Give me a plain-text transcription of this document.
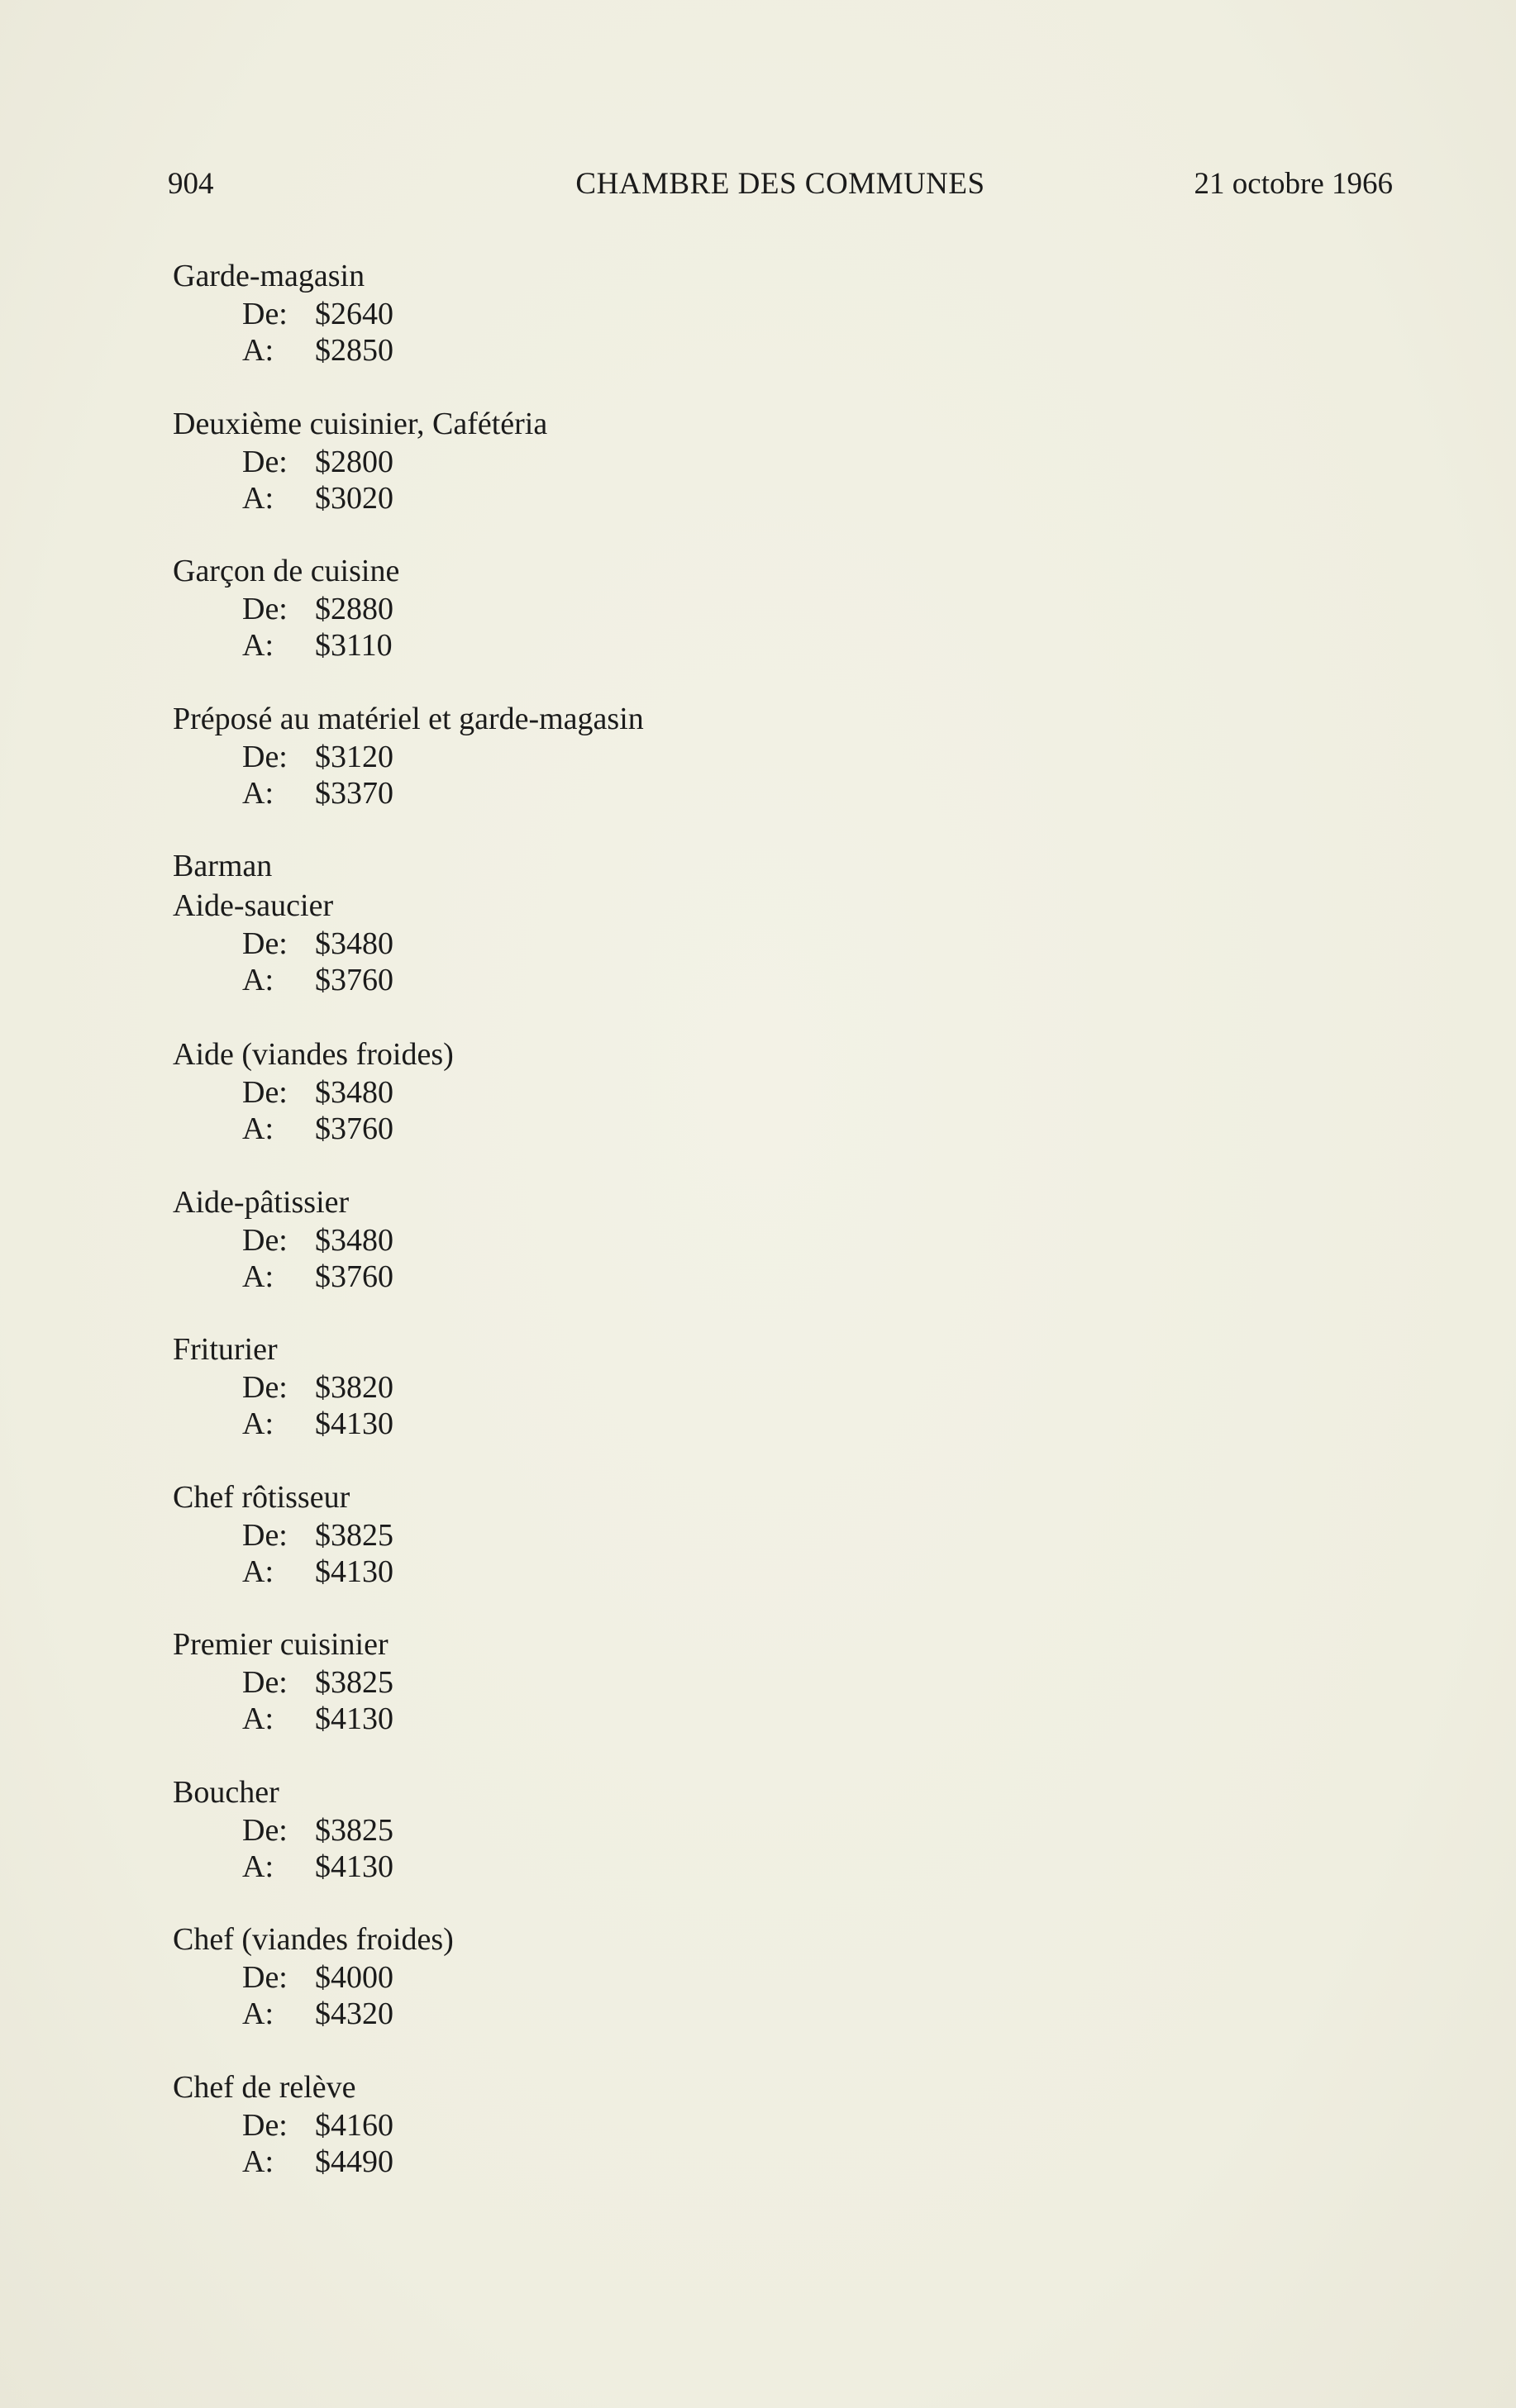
904	CHAMBRE DES COMMUNES	21 octobre 1966
Garde-magasin
De: $2640
A: $2850
Deuxième cuisinier, Cafétéria
De: $2800
A: $3020
Garçon de cuisine
De: $2880
A: $3110
Préposé au matériel et garde-magasin
De: $3120
A: $3370
Barman
Aide-saucier
De: $3480
A: $3760
Aide (viandes froides)
De: $3480
A: $3760
Aide-pâtissier
De: $3480
A: $3760
Friturier
De: $3820
A: $4130
Chef rôtisseur
De: $3825
A: $4130
Premier cuisinier
De: $3825
A: $4130
Boucher
De: $3825
A: $4130
Chef (viandes froides)
De: $4000
A: $4320
Chef de relève
De: $4160
A: $4490
